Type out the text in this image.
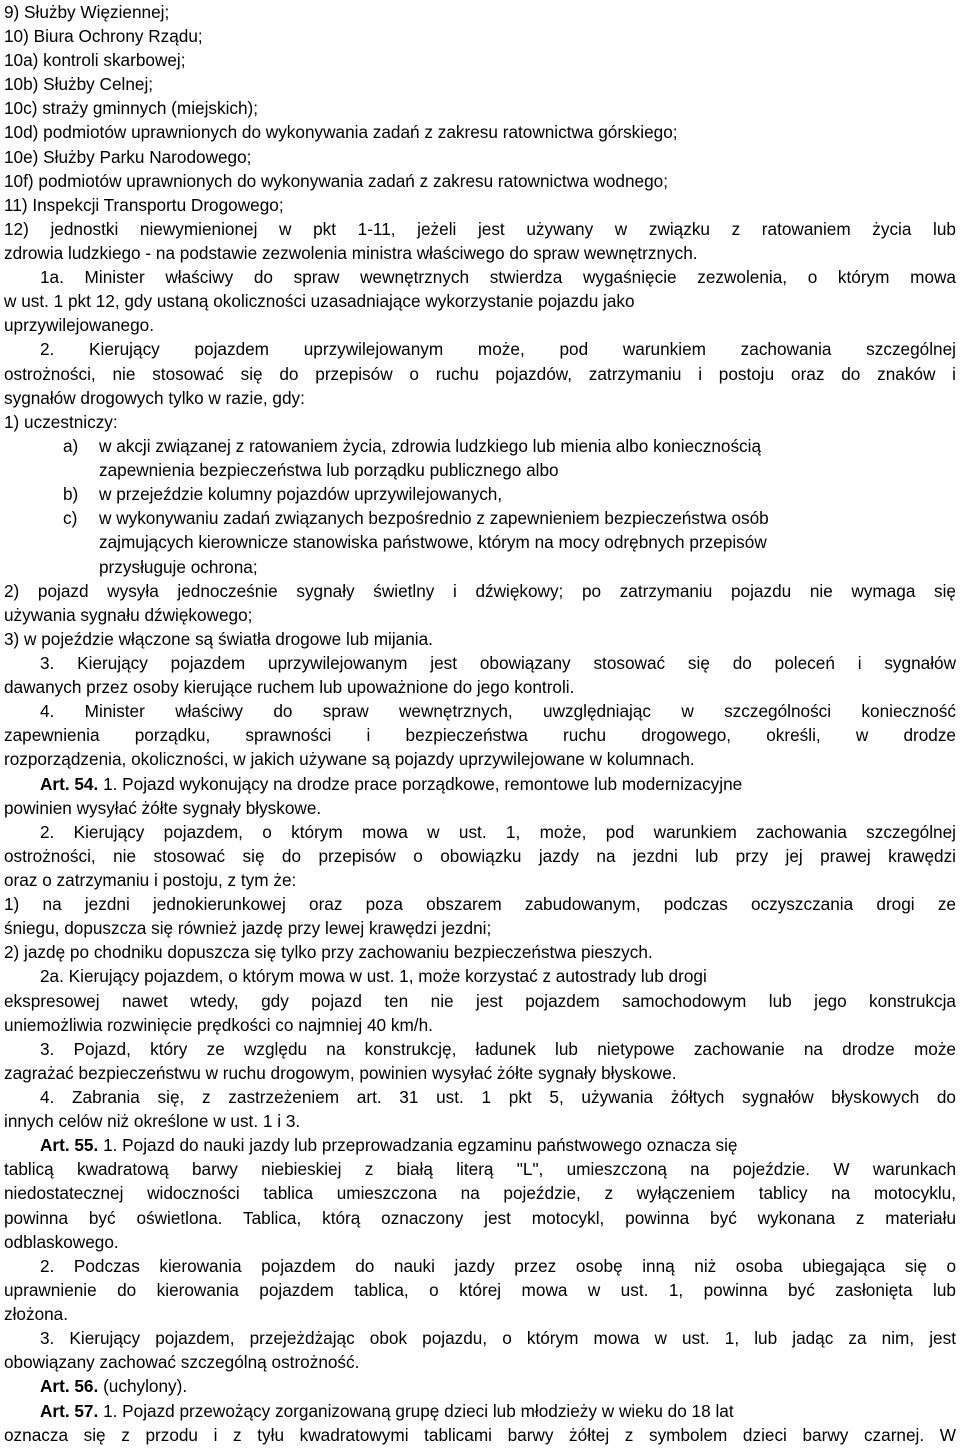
9) Służby Więziennej;
10) Biura Ochrony Rządu;
10a) kontroli skarbowej;
10b) Służby Celnej;
10c) straży gminnych (miejskich);
10d) podmiotów uprawnionych do wykonywania zadań z zakresu ratownictwa górskiego;
10e) Służby Parku Narodowego;
10f) podmiotów uprawnionych do wykonywania zadań z zakresu ratownictwa wodnego;
11) Inspekcji Transportu Drogowego;
12) jednostki niewymienionej w pkt 1-11, jeżeli jest używany w związku z ratowaniem życia lub
zdrowia ludzkiego - na podstawie zezwolenia ministra właściwego do spraw wewnętrznych.
1a. Minister właściwy do spraw wewnętrznych stwierdza wygaśnięcie zezwolenia, o którym mowa
w ust. 1 pkt 12, gdy ustaną okoliczności uzasadniające wykorzystanie pojazdu jako
uprzywilejowanego.
2. Kierujący pojazdem uprzywilejowanym może, pod warunkiem zachowania szczególnej
ostrożności, nie stosować się do przepisów o ruchu pojazdów, zatrzymaniu i postoju oraz do znaków i
sygnałów drogowych tylko w razie, gdy:
1) uczestniczy:
a) w akcji związanej z ratowaniem życia, zdrowia ludzkiego lub mienia albo koniecznością
zapewnienia bezpieczeństwa lub porządku publicznego albo
b) w przejeździe kolumny pojazdów uprzywilejowanych,
c) w wykonywaniu zadań związanych bezpośrednio z zapewnieniem bezpieczeństwa osób
zajmujących kierownicze stanowiska państwowe, którym na mocy odrębnych przepisów
przysługuje ochrona;
2) pojazd wysyła jednocześnie sygnały świetlny i dźwiękowy; po zatrzymaniu pojazdu nie wymaga się
używania sygnału dźwiękowego;
3) w pojeździe włączone są światła drogowe lub mijania.
3. Kierujący pojazdem uprzywilejowanym jest obowiązany stosować się do poleceń i sygnałów
dawanych przez osoby kierujące ruchem lub upoważnione do jego kontroli.
4. Minister właściwy do spraw wewnętrznych, uwzględniając w szczególności konieczność
zapewnienia porządku, sprawności i bezpieczeństwa ruchu drogowego, określi, w drodze
rozporządzenia, okoliczności, w jakich używane są pojazdy uprzywilejowane w kolumnach.
Art. 54. 1. Pojazd wykonujący na drodze prace porządkowe, remontowe lub modernizacyjne
powinien wysyłać żółte sygnały błyskowe.
2. Kierujący pojazdem, o którym mowa w ust. 1, może, pod warunkiem zachowania szczególnej
ostrożności, nie stosować się do przepisów o obowiązku jazdy na jezdni lub przy jej prawej krawędzi
oraz o zatrzymaniu i postoju, z tym że:
1) na jezdni jednokierunkowej oraz poza obszarem zabudowanym, podczas oczyszczania drogi ze
śniegu, dopuszcza się również jazdę przy lewej krawędzi jezdni;
2) jazdę po chodniku dopuszcza się tylko przy zachowaniu bezpieczeństwa pieszych.
2a. Kierujący pojazdem, o którym mowa w ust. 1, może korzystać z autostrady lub drogi
ekspresowej nawet wtedy, gdy pojazd ten nie jest pojazdem samochodowym lub jego konstrukcja
uniemożliwia rozwinięcie prędkości co najmniej 40 km/h.
3. Pojazd, który ze względu na konstrukcję, ładunek lub nietypowe zachowanie na drodze może
zagrażać bezpieczeństwu w ruchu drogowym, powinien wysyłać żółte sygnały błyskowe.
4. Zabrania się, z zastrzeżeniem art. 31 ust. 1 pkt 5, używania żółtych sygnałów błyskowych do
innych celów niż określone w ust. 1 i 3.
Art. 55. 1. Pojazd do nauki jazdy lub przeprowadzania egzaminu państwowego oznacza się
tablicą kwadratową barwy niebieskiej z białą literą "L", umieszczoną na pojeździe. W warunkach
niedostatecznej widoczności tablica umieszczona na pojeździe, z wyłączeniem tablicy na motocyklu,
powinna być oświetlona. Tablica, którą oznaczony jest motocykl, powinna być wykonana z materiału
odblaskowego.
2. Podczas kierowania pojazdem do nauki jazdy przez osobę inną niż osoba ubiegająca się o
uprawnienie do kierowania pojazdem tablica, o której mowa w ust. 1, powinna być zasłonięta lub
złożona.
3. Kierujący pojazdem, przejeżdżając obok pojazdu, o którym mowa w ust. 1, lub jadąc za nim, jest
obowiązany zachować szczególną ostrożność.
Art. 56. (uchylony).
Art. 57. 1. Pojazd przewożący zorganizowaną grupę dzieci lub młodzieży w wieku do 18 lat
oznacza się z przodu i z tyłu kwadratowymi tablicami barwy żółtej z symbolem dzieci barwy czarnej. W
